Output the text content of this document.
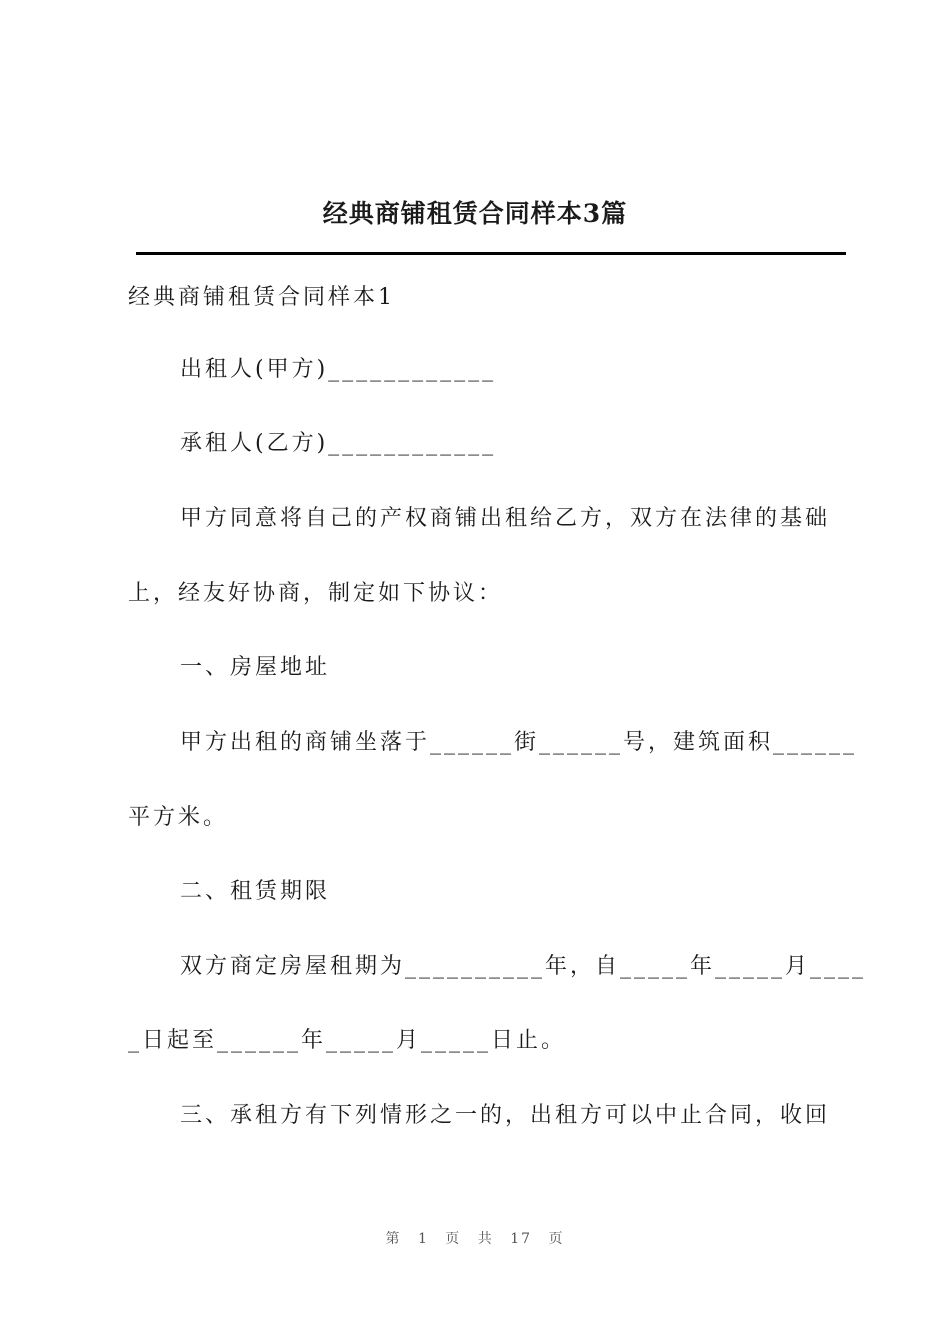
经典商铺租赁合同样本3篇

经典商铺租赁合同样本1

出租人(甲方)____________

承租人(乙方)____________

甲方同意将自己的产权商铺出租给乙方，双方在法律的基础

上，经友好协商，制定如下协议：

一、房屋地址

甲方出租的商铺坐落于______街______号，建筑面积______

平方米。

二、租赁期限

双方商定房屋租期为__________年，自_____年_____月____

_日起至______年_____月_____日止。

三、承租方有下列情形之一的，出租方可以中止合同，收回

第 1 页 共 17 页
